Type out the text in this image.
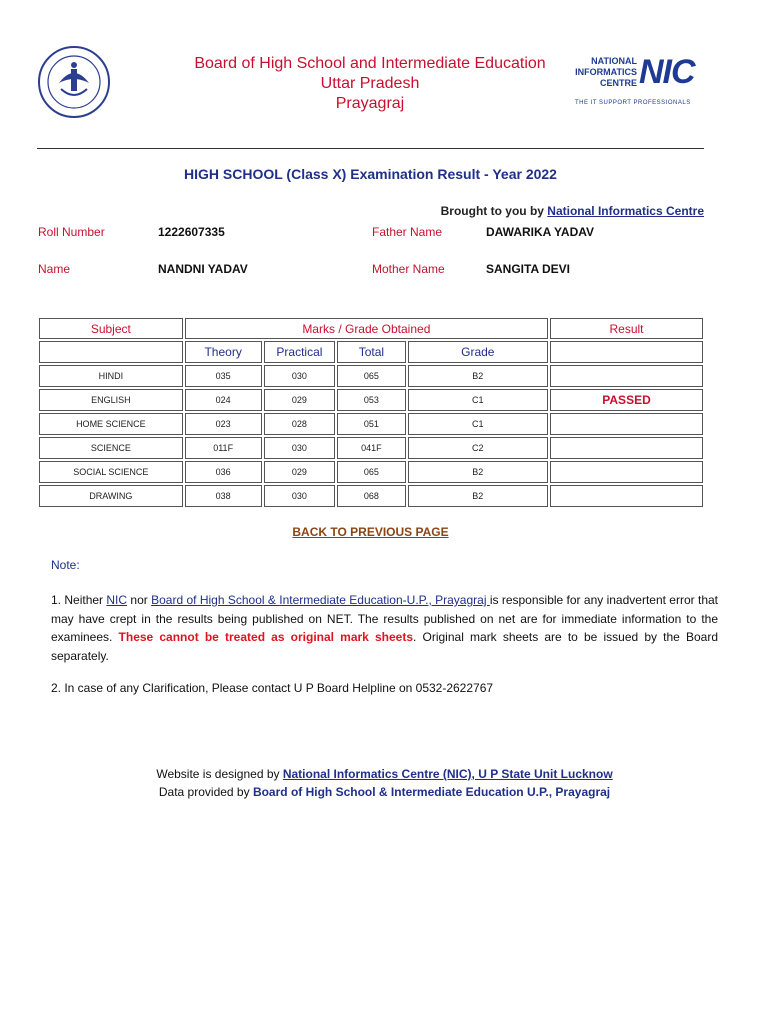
Board of High School and Intermediate Education
Uttar Pradesh
Prayagraj
NATIONAL
INFORMATICS
CENTRE NIC
THE IT SUPPORT PROFESSIONALS
HIGH SCHOOL (Class X) Examination Result - Year 2022
Brought to you by National Informatics Centre
Roll Number	1222607335	Father Name	DAWARIKA YADAV
Name	NANDNI YADAV	Mother Name	SANGITA DEVI
Subject	Marks / Grade Obtained				Result
	Theory	Practical	Total	Grade	
HINDI	035	030	065	B2	
ENGLISH	024	029	053	C1	PASSED
HOME SCIENCE	023	028	051	C1	
SCIENCE	011F	030	041F	C2	
SOCIAL SCIENCE	036	029	065	B2	
DRAWING	038	030	068	B2	
BACK TO PREVIOUS PAGE
Note:
1. Neither NIC nor Board of High School & Intermediate Education-U.P., Prayagraj is responsible for any inadvertent error that may have crept in the results being published on NET. The results published on net are for immediate information to the examinees. These cannot be treated as original mark sheets. Original mark sheets are to be issued by the Board separately.
2. In case of any Clarification, Please contact U P Board Helpline on 0532-2622767
Website is designed by National Informatics Centre (NIC), U P State Unit Lucknow
Data provided by Board of High School & Intermediate Education U.P., Prayagraj
